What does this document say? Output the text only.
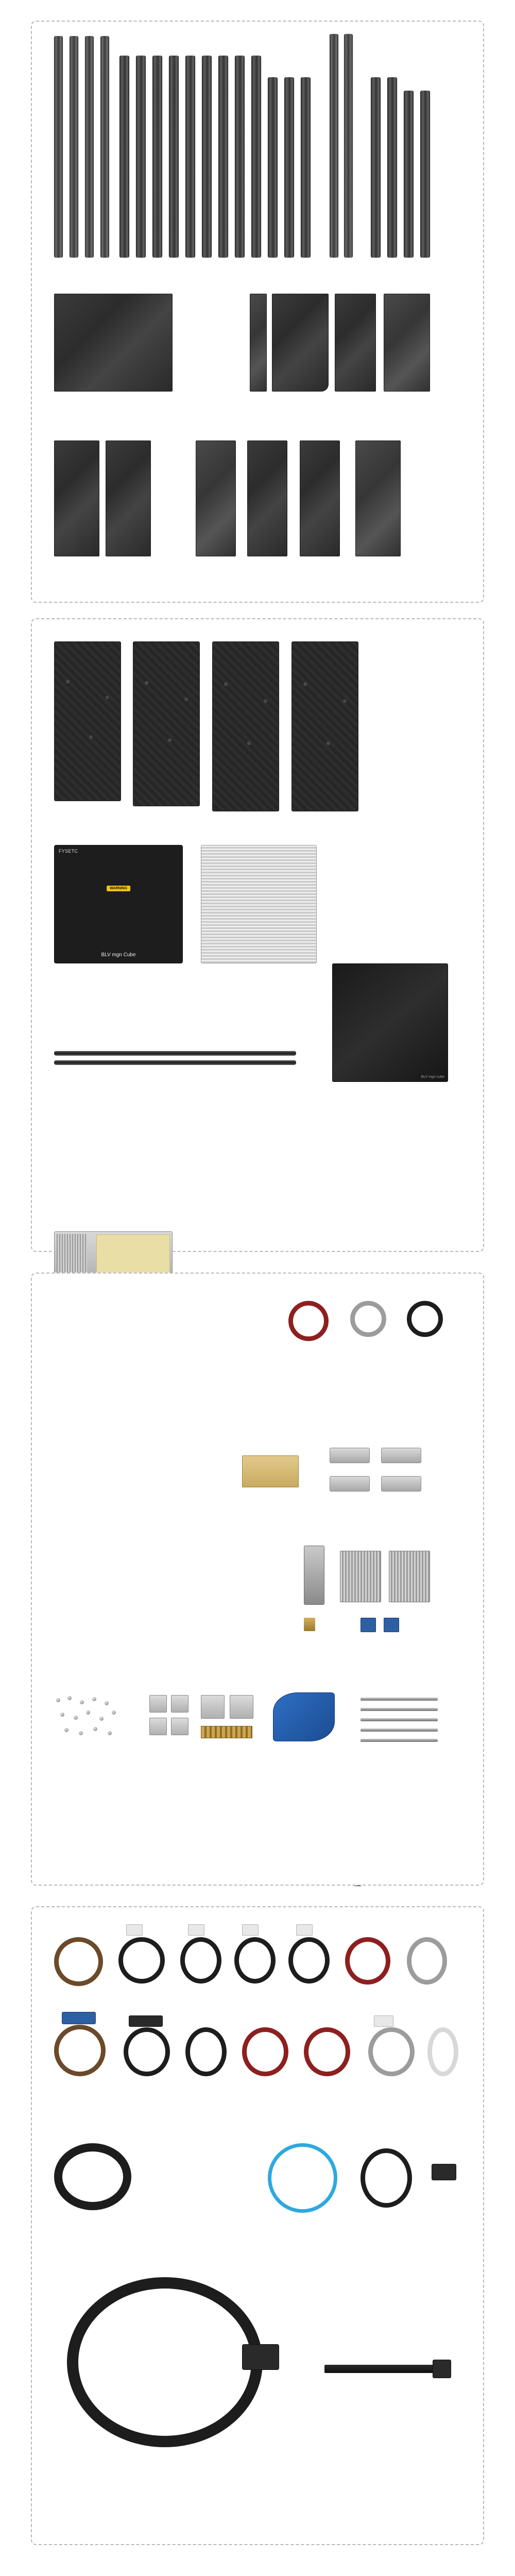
FYSETC
WARNING
BLV mgn Cube
BLV mgn cube
